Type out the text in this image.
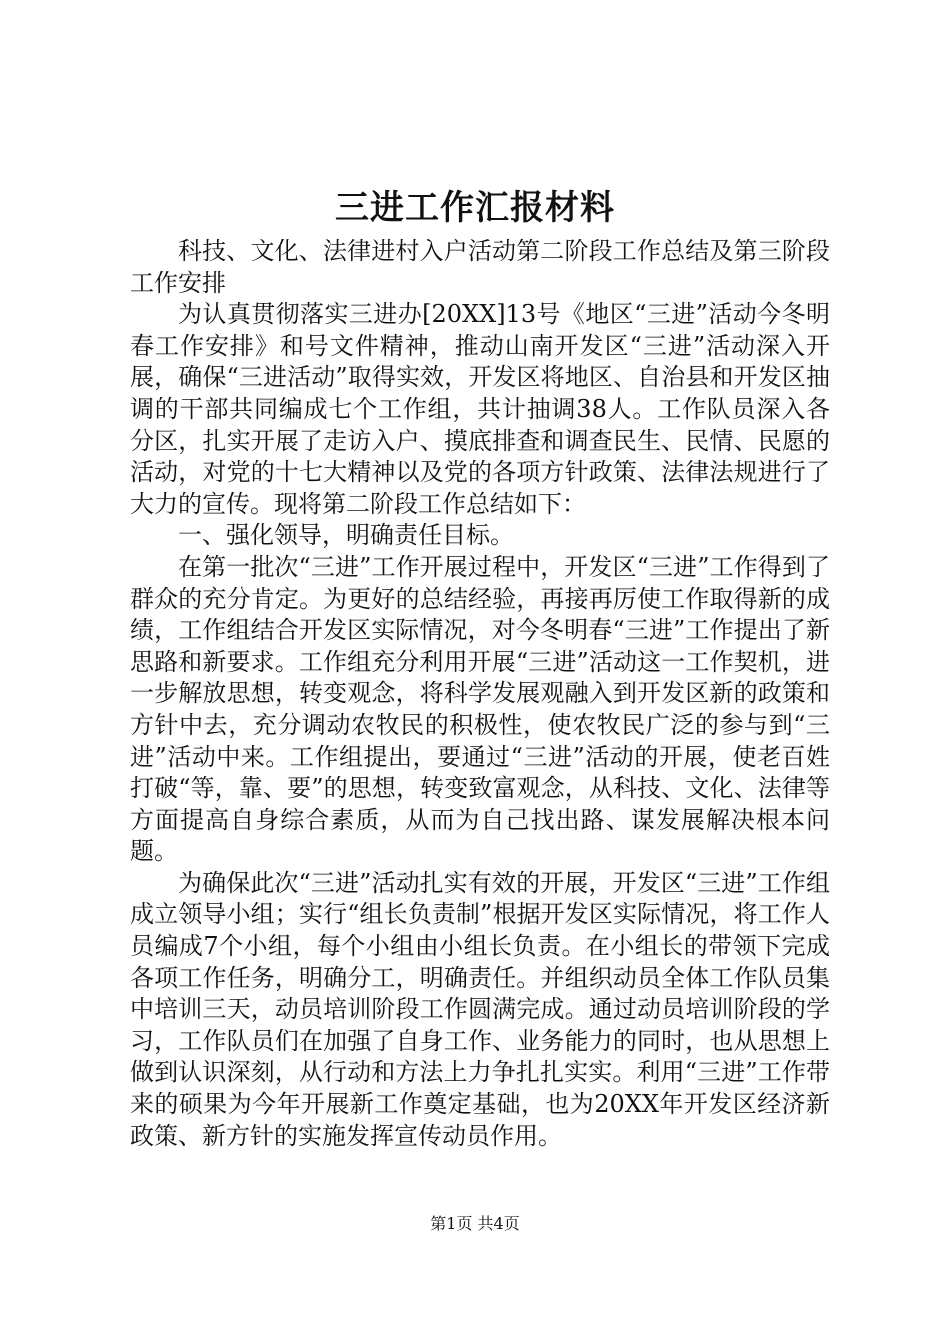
三进工作汇报材料

科技、文化、法律进村入户活动第二阶段工作总结及第三阶段工作安排

为认真贯彻落实三进办[20XX]13号《地区“三进”活动今冬明春工作安排》和号文件精神，推动山南开发区“三进”活动深入开展，确保“三进活动”取得实效，开发区将地区、自治县和开发区抽调的干部共同编成七个工作组，共计抽调38人。工作队员深入各分区，扎实开展了走访入户、摸底排查和调查民生、民情、民愿的活动，对党的十七大精神以及党的各项方针政策、法律法规进行了大力的宣传。现将第二阶段工作总结如下：

一、强化领导，明确责任目标。

在第一批次“三进”工作开展过程中，开发区“三进”工作得到了群众的充分肯定。为更好的总结经验，再接再厉使工作取得新的成绩，工作组结合开发区实际情况，对今冬明春“三进”工作提出了新思路和新要求。工作组充分利用开展“三进”活动这一工作契机，进一步解放思想，转变观念，将科学发展观融入到开发区新的政策和方针中去，充分调动农牧民的积极性，使农牧民广泛的参与到“三进”活动中来。工作组提出，要通过“三进”活动的开展，使老百姓打破“等，靠、要”的思想，转变致富观念，从科技、文化、法律等方面提高自身综合素质，从而为自己找出路、谋发展解决根本问题。

为确保此次“三进”活动扎实有效的开展，开发区“三进”工作组成立领导小组；实行“组长负责制”根据开发区实际情况，将工作人员编成7个小组，每个小组由小组长负责。在小组长的带领下完成各项工作任务，明确分工，明确责任。并组织动员全体工作队员集中培训三天，动员培训阶段工作圆满完成。通过动员培训阶段的学习，工作队员们在加强了自身工作、业务能力的同时，也从思想上做到认识深刻，从行动和方法上力争扎扎实实。利用“三进”工作带来的硕果为今年开展新工作奠定基础，也为20XX年开发区经济新政策、新方针的实施发挥宣传动员作用。

第1页 共4页
